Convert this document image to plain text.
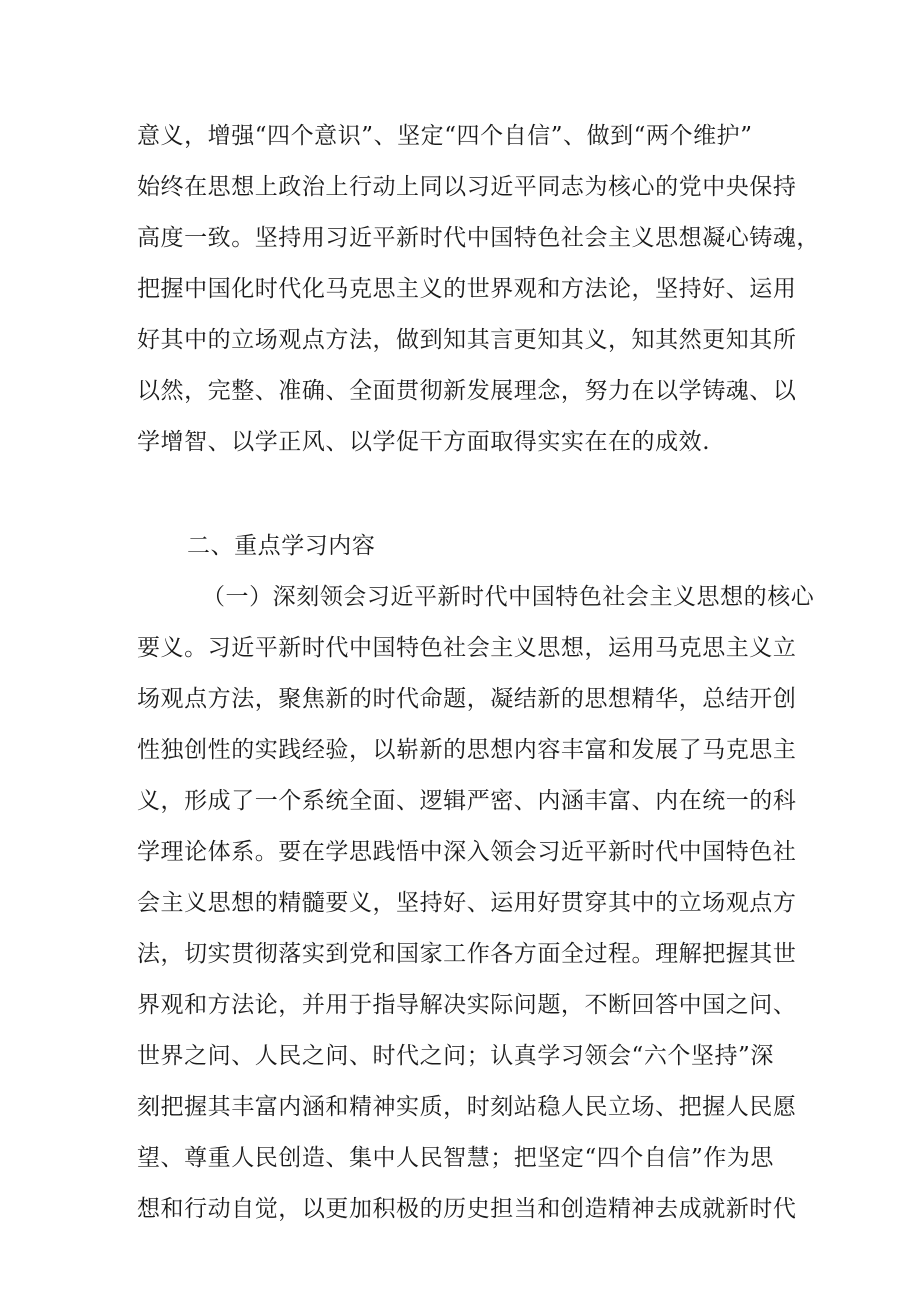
意义，增强“四个意识”、坚定“四个自信”、做到“两个维护”
始终在思想上政治上行动上同以习近平同志为核心的党中央保持
高度一致。坚持用习近平新时代中国特色社会主义思想凝心铸魂，
把握中国化时代化马克思主义的世界观和方法论，坚持好、运用
好其中的立场观点方法，做到知其言更知其义，知其然更知其所
以然，完整、准确、全面贯彻新发展理念，努力在以学铸魂、以
学增智、以学正风、以学促干方面取得实实在在的成效.
二、重点学习内容
（一）深刻领会习近平新时代中国特色社会主义思想的核心
要义。习近平新时代中国特色社会主义思想，运用马克思主义立
场观点方法，聚焦新的时代命题，凝结新的思想精华，总结开创
性独创性的实践经验，以崭新的思想内容丰富和发展了马克思主
义，形成了一个系统全面、逻辑严密、内涵丰富、内在统一的科
学理论体系。要在学思践悟中深入领会习近平新时代中国特色社
会主义思想的精髓要义，坚持好、运用好贯穿其中的立场观点方
法，切实贯彻落实到党和国家工作各方面全过程。理解把握其世
界观和方法论，并用于指导解决实际问题，不断回答中国之问、
世界之问、人民之问、时代之问；认真学习领会“六个坚持”深
刻把握其丰富内涵和精神实质，时刻站稳人民立场、把握人民愿
望、尊重人民创造、集中人民智慧；把坚定“四个自信”作为思
想和行动自觉，以更加积极的历史担当和创造精神去成就新时代
